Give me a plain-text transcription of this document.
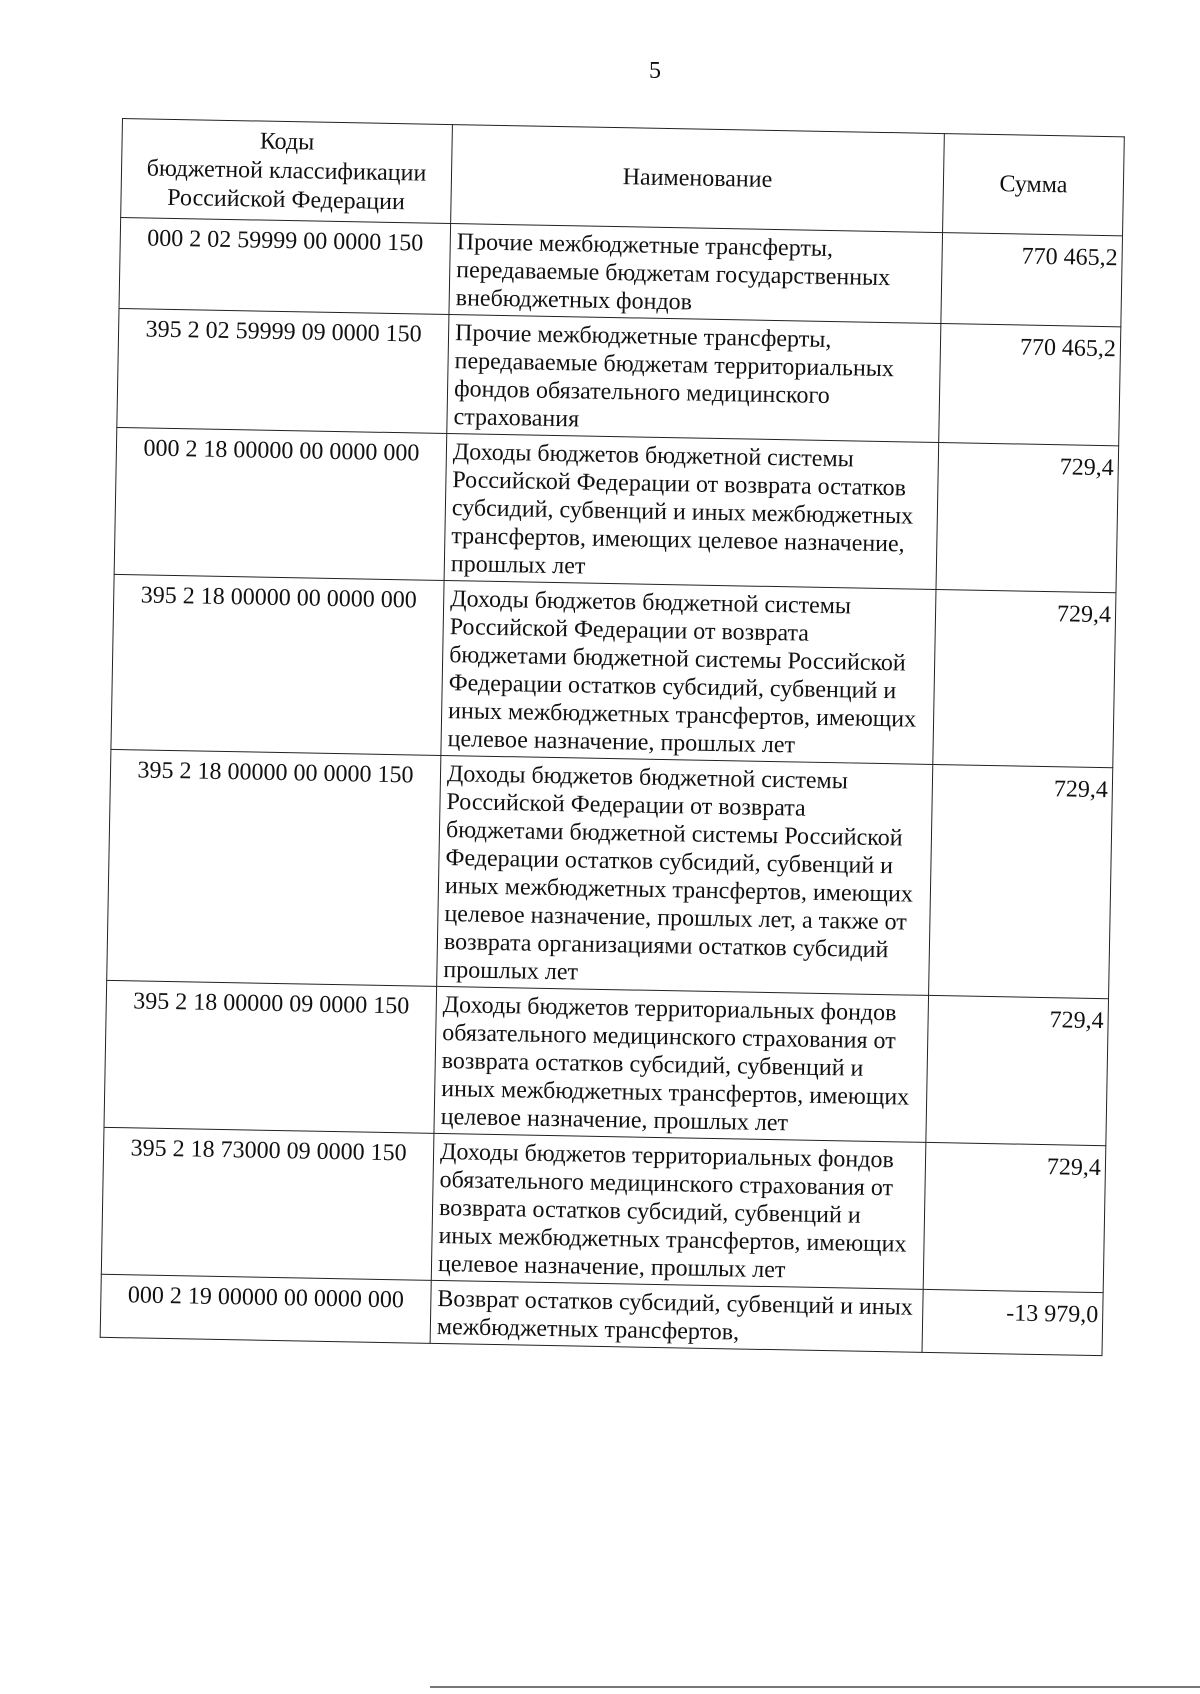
5
Коды
бюджетной классификации
Российской Федерации	Наименование	Сумма
000 2 02 59999 00 0000 150	Прочие межбюджетные трансферты, передаваемые бюджетам государственных внебюджетных фондов	770 465,2
395 2 02 59999 09 0000 150	Прочие межбюджетные трансферты, передаваемые бюджетам территориальных фондов обязательного медицинского страхования	770 465,2
000 2 18 00000 00 0000 000	Доходы бюджетов бюджетной системы Российской Федерации от возврата остатков субсидий, субвенций и иных межбюджетных трансфертов, имеющих целевое назначение, прошлых лет	729,4
395 2 18 00000 00 0000 000	Доходы бюджетов бюджетной системы Российской Федерации от возврата бюджетами бюджетной системы Российской Федерации остатков субсидий, субвенций и иных межбюджетных трансфертов, имеющих целевое назначение, прошлых лет	729,4
395 2 18 00000 00 0000 150	Доходы бюджетов бюджетной системы Российской Федерации от возврата бюджетами бюджетной системы Российской Федерации остатков субсидий, субвенций и иных межбюджетных трансфертов, имеющих целевое назначение, прошлых лет, а также от возврата организациями остатков субсидий прошлых лет	729,4
395 2 18 00000 09 0000 150	Доходы бюджетов территориальных фондов обязательного медицинского страхования от возврата остатков субсидий, субвенций и иных межбюджетных трансфертов, имеющих целевое назначение, прошлых лет	729,4
395 2 18 73000 09 0000 150	Доходы бюджетов территориальных фондов обязательного медицинского страхования от возврата остатков субсидий, субвенций и иных межбюджетных трансфертов, имеющих целевое назначение, прошлых лет	729,4
000 2 19 00000 00 0000 000	Возврат остатков субсидий, субвенций и иных межбюджетных трансфертов,	-13 979,0
